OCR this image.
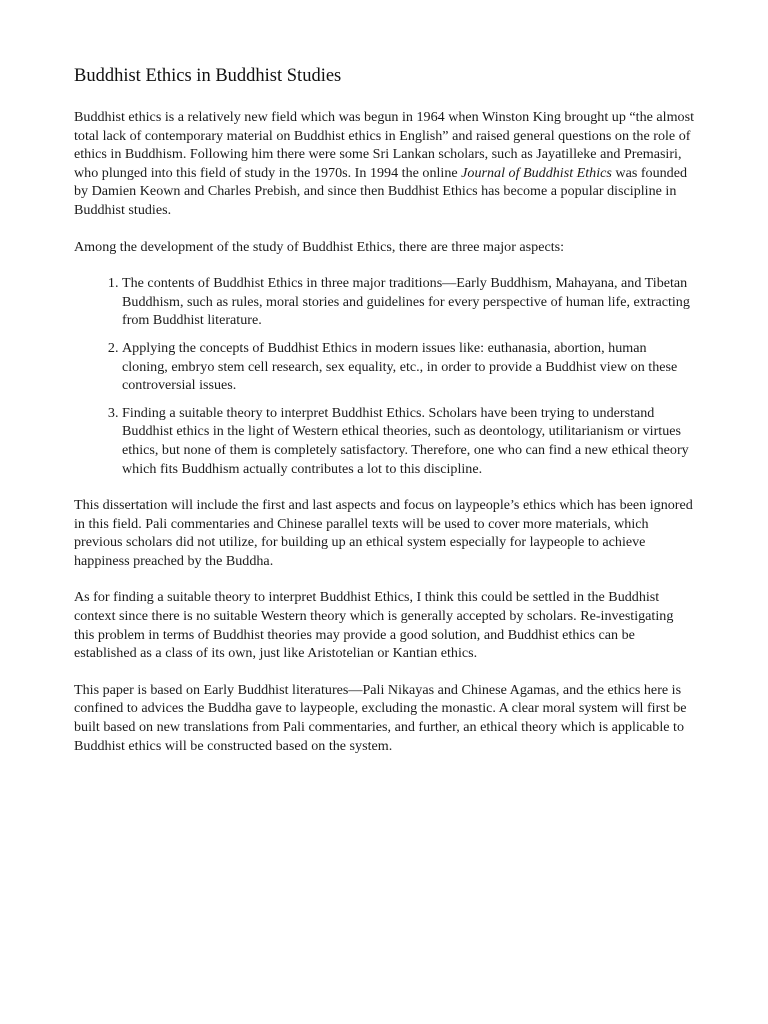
Buddhist Ethics in Buddhist Studies

Buddhist ethics is a relatively new field which was begun in 1964 when Winston King brought up “the almost total lack of contemporary material on Buddhist ethics in English” and raised general questions on the role of ethics in Buddhism. Following him there were some Sri Lankan scholars, such as Jayatilleke and Premasiri, who plunged into this field of study in the 1970s. In 1994 the online Journal of Buddhist Ethics was founded by Damien Keown and Charles Prebish, and since then Buddhist Ethics has become a popular discipline in Buddhist studies.

Among the development of the study of Buddhist Ethics, there are three major aspects:

1. The contents of Buddhist Ethics in three major traditions—Early Buddhism, Mahayana, and Tibetan Buddhism, such as rules, moral stories and guidelines for every perspective of human life, extracting from Buddhist literature.
2. Applying the concepts of Buddhist Ethics in modern issues like: euthanasia, abortion, human cloning, embryo stem cell research, sex equality, etc., in order to provide a Buddhist view on these controversial issues.
3. Finding a suitable theory to interpret Buddhist Ethics. Scholars have been trying to understand Buddhist ethics in the light of Western ethical theories, such as deontology, utilitarianism or virtues ethics, but none of them is completely satisfactory. Therefore, one who can find a new ethical theory which fits Buddhism actually contributes a lot to this discipline.

This dissertation will include the first and last aspects and focus on laypeople’s ethics which has been ignored in this field. Pali commentaries and Chinese parallel texts will be used to cover more materials, which previous scholars did not utilize, for building up an ethical system especially for laypeople to achieve happiness preached by the Buddha.

As for finding a suitable theory to interpret Buddhist Ethics, I think this could be settled in the Buddhist context since there is no suitable Western theory which is generally accepted by scholars. Re-investigating this problem in terms of Buddhist theories may provide a good solution, and Buddhist ethics can be established as a class of its own, just like Aristotelian or Kantian ethics.

This paper is based on Early Buddhist literatures—Pali Nikayas and Chinese Agamas, and the ethics here is confined to advices the Buddha gave to laypeople, excluding the monastic. A clear moral system will first be built based on new translations from Pali commentaries, and further, an ethical theory which is applicable to Buddhist ethics will be constructed based on the system.
